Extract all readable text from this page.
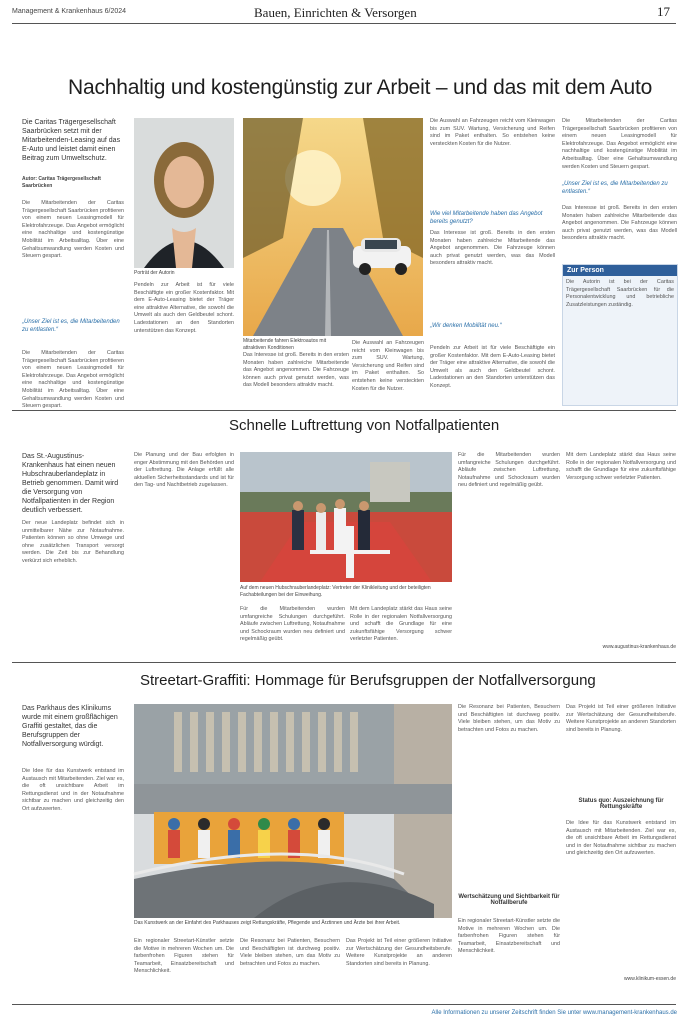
Management & Krankenhaus 6/2024	Bauen, Einrichten & Versorgen	17
Nachhaltig und kostengünstig zur Arbeit – und das mit dem Auto
Die Caritas Trägergesellschaft Saarbrücken setzt mit der Mitarbeitenden-Leasing auf das E-Auto und leistet damit einen Beitrag zum Umweltschutz.
Autor: Caritas Trägergesellschaft Saarbrücken
Die Mitarbeitenden der Caritas Trägergesellschaft Saarbrücken profitieren von einem neuen Leasingmodell für Elektrofahrzeuge. Das Angebot ermöglicht eine nachhaltige und kostengünstige Mobilität im Arbeitsalltag. Über eine Gehaltsumwandlung werden Kosten und Steuern gespart.
„Unser Ziel ist es, die Mitarbeitenden zu entlasten.“
Die Mitarbeitenden der Caritas Trägergesellschaft Saarbrücken profitieren von einem neuen Leasingmodell für Elektrofahrzeuge. Das Angebot ermöglicht eine nachhaltige und kostengünstige Mobilität im Arbeitsalltag. Über eine Gehaltsumwandlung werden Kosten und Steuern gespart.
Porträt der Autorin
Pendeln zur Arbeit ist für viele Beschäftigte ein großer Kostenfaktor. Mit dem E-Auto-Leasing bietet der Träger eine attraktive Alternative, die sowohl die Umwelt als auch den Geldbeutel schont. Ladestationen an den Standorten unterstützen das Konzept.
Mitarbeitende fahren Elektroautos mit attraktiven Konditionen
Das Interesse ist groß. Bereits in den ersten Monaten haben zahlreiche Mitarbeitende das Angebot angenommen. Die Fahrzeuge können auch privat genutzt werden, was das Modell besonders attraktiv macht.
Die Auswahl an Fahrzeugen reicht vom Kleinwagen bis zum SUV. Wartung, Versicherung und Reifen sind im Paket enthalten. So entstehen keine versteckten Kosten für die Nutzer.
Die Auswahl an Fahrzeugen reicht vom Kleinwagen bis zum SUV. Wartung, Versicherung und Reifen sind im Paket enthalten. So entstehen keine versteckten Kosten für die Nutzer.
Wie viel Mitarbeitende haben das Angebot bereits genutzt?
Das Interesse ist groß. Bereits in den ersten Monaten haben zahlreiche Mitarbeitende das Angebot angenommen. Die Fahrzeuge können auch privat genutzt werden, was das Modell besonders attraktiv macht.
„Wir denken Mobilität neu.“
Pendeln zur Arbeit ist für viele Beschäftigte ein großer Kostenfaktor. Mit dem E-Auto-Leasing bietet der Träger eine attraktive Alternative, die sowohl die Umwelt als auch den Geldbeutel schont. Ladestationen an den Standorten unterstützen das Konzept.
Die Mitarbeitenden der Caritas Trägergesellschaft Saarbrücken profitieren von einem neuen Leasingmodell für Elektrofahrzeuge. Das Angebot ermöglicht eine nachhaltige und kostengünstige Mobilität im Arbeitsalltag. Über eine Gehaltsumwandlung werden Kosten und Steuern gespart.
„Unser Ziel ist es, die Mitarbeitenden zu entlasten.“
Das Interesse ist groß. Bereits in den ersten Monaten haben zahlreiche Mitarbeitende das Angebot angenommen. Die Fahrzeuge können auch privat genutzt werden, was das Modell besonders attraktiv macht.
Zur Person
Die Autorin ist bei der Caritas Trägergesellschaft Saarbrücken für die Personalentwicklung und betriebliche Zusatzleistungen zuständig.
Schnelle Luftrettung von Notfallpatienten
Das St.-Augustinus-Krankenhaus hat einen neuen Hubschrauberlandeplatz in Betrieb genommen. Damit wird die Versorgung von Notfallpatienten in der Region deutlich verbessert.
Der neue Landeplatz befindet sich in unmittelbarer Nähe zur Notaufnahme. Patienten können so ohne Umwege und ohne zusätzlichen Transport versorgt werden. Die Zeit bis zur Behandlung verkürzt sich erheblich.
Die Planung und der Bau erfolgten in enger Abstimmung mit den Behörden und der Luftrettung. Die Anlage erfüllt alle aktuellen Sicherheitsstandards und ist für den Tag- und Nachtbetrieb zugelassen.
Auf dem neuen Hubschrauberlandeplatz: Vertreter der Klinikleitung und der beteiligten Fachabteilungen bei der Einweihung.
Für die Mitarbeitenden wurden umfangreiche Schulungen durchgeführt. Abläufe zwischen Luftrettung, Notaufnahme und Schockraum wurden neu definiert und regelmäßig geübt.
Mit dem Landeplatz stärkt das Haus seine Rolle in der regionalen Notfallversorgung und schafft die Grundlage für eine zukunftsfähige Versorgung schwer verletzter Patienten.
Für die Mitarbeitenden wurden umfangreiche Schulungen durchgeführt. Abläufe zwischen Luftrettung, Notaufnahme und Schockraum wurden neu definiert und regelmäßig geübt.
Mit dem Landeplatz stärkt das Haus seine Rolle in der regionalen Notfallversorgung und schafft die Grundlage für eine zukunftsfähige Versorgung schwer verletzter Patienten.
www.augustinus-krankenhaus.de
Streetart-Graffiti: Hommage für Berufsgruppen der Notfallversorgung
Das Parkhaus des Klinikums wurde mit einem großflächigen Graffiti gestaltet, das die Berufsgruppen der Notfallversorgung würdigt.
Die Idee für das Kunstwerk entstand im Austausch mit Mitarbeitenden. Ziel war es, die oft unsichtbare Arbeit im Rettungsdienst und in der Notaufnahme sichtbar zu machen und gleichzeitig den Ort aufzuwerten.
Das Kunstwerk an der Einfahrt des Parkhauses zeigt Rettungskräfte, Pflegende und Ärztinnen und Ärzte bei ihrer Arbeit.
Ein regionaler Streetart-Künstler setzte die Motive in mehreren Wochen um. Die farbenfrohen Figuren stehen für Teamarbeit, Einsatzbereitschaft und Menschlichkeit.
Die Resonanz bei Patienten, Besuchern und Beschäftigten ist durchweg positiv. Viele bleiben stehen, um das Motiv zu betrachten und Fotos zu machen.
Das Projekt ist Teil einer größeren Initiative zur Wertschätzung der Gesundheitsberufe. Weitere Kunstprojekte an anderen Standorten sind bereits in Planung.
Die Resonanz bei Patienten, Besuchern und Beschäftigten ist durchweg positiv. Viele bleiben stehen, um das Motiv zu betrachten und Fotos zu machen.
Wertschätzung und Sichtbarkeit für Notfallberufe
Ein regionaler Streetart-Künstler setzte die Motive in mehreren Wochen um. Die farbenfrohen Figuren stehen für Teamarbeit, Einsatzbereitschaft und Menschlichkeit.
Das Projekt ist Teil einer größeren Initiative zur Wertschätzung der Gesundheitsberufe. Weitere Kunstprojekte an anderen Standorten sind bereits in Planung.
Status quo: Auszeichnung für Rettungskräfte
Die Idee für das Kunstwerk entstand im Austausch mit Mitarbeitenden. Ziel war es, die oft unsichtbare Arbeit im Rettungsdienst und in der Notaufnahme sichtbar zu machen und gleichzeitig den Ort aufzuwerten.
www.klinikum-essen.de
Alle Informationen zu unserer Zeitschrift finden Sie unter www.management-krankenhaus.de
